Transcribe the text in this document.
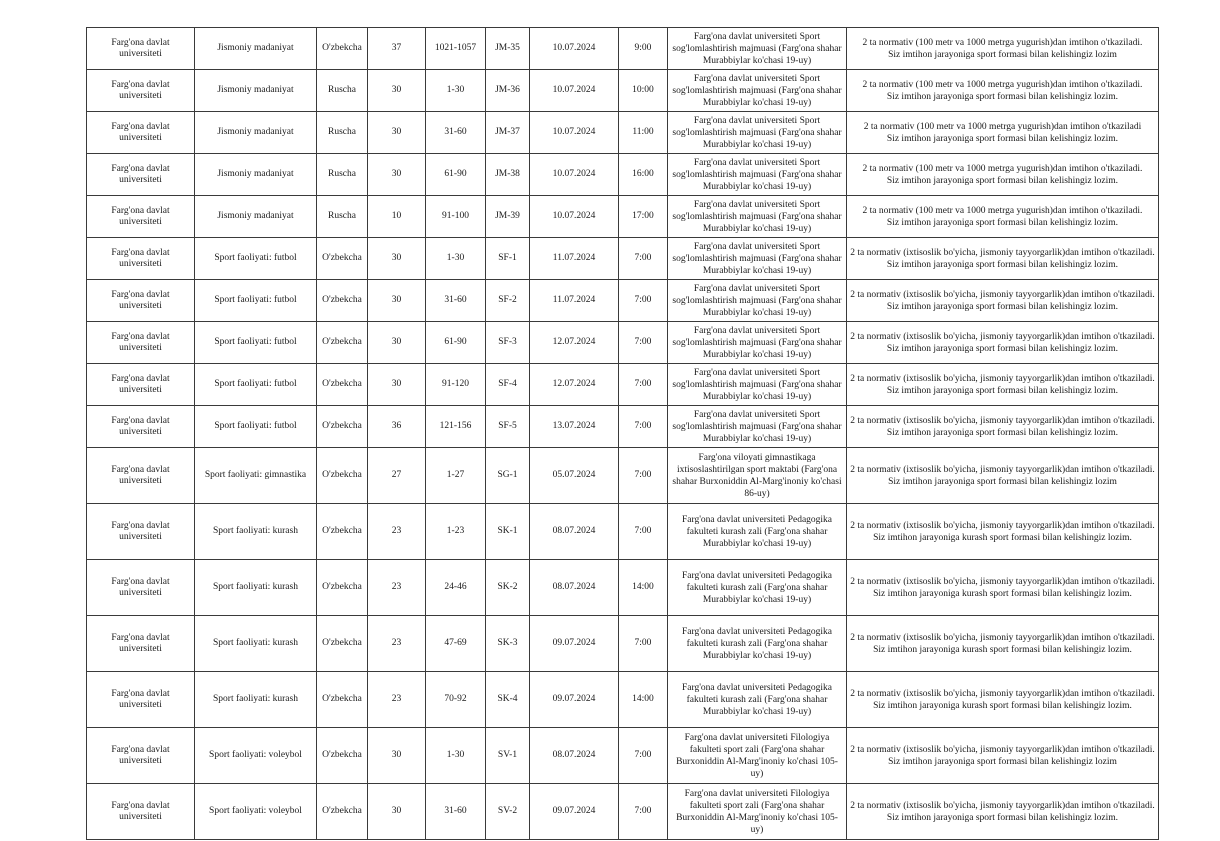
Farg'ona davlat universiteti	Jismoniy madaniyat	O'zbekcha	37	1021-1057	JM-35	10.07.2024	9:00	Farg'ona davlat universiteti Sport sog'lomlashtirish majmuasi (Farg'ona shahar Murabbiylar ko'chasi 19-uy)	2 ta normativ (100 metr va 1000 metrga yugurish)dan imtihon o'tkaziladi.
Siz imtihon jarayoniga sport formasi bilan kelishingiz lozim

Farg'ona davlat universiteti	Jismoniy madaniyat	Ruscha	30	1-30	JM-36	10.07.2024	10:00	Farg'ona davlat universiteti Sport sog'lomlashtirish majmuasi (Farg'ona shahar Murabbiylar ko'chasi 19-uy)	2 ta normativ (100 metr va 1000 metrga yugurish)dan imtihon o'tkaziladi.
Siz imtihon jarayoniga sport formasi bilan kelishingiz lozim.

Farg'ona davlat universiteti	Jismoniy madaniyat	Ruscha	30	31-60	JM-37	10.07.2024	11:00	Farg'ona davlat universiteti Sport sog'lomlashtirish majmuasi (Farg'ona shahar Murabbiylar ko'chasi 19-uy)	2 ta normativ (100 metr va 1000 metrga yugurish)dan imtihon o'tkaziladi
Siz imtihon jarayoniga sport formasi bilan kelishingiz lozim.

Farg'ona davlat universiteti	Jismoniy madaniyat	Ruscha	30	61-90	JM-38	10.07.2024	16:00	Farg'ona davlat universiteti Sport sog'lomlashtirish majmuasi (Farg'ona shahar Murabbiylar ko'chasi 19-uy)	2 ta normativ (100 metr va 1000 metrga yugurish)dan imtihon o'tkaziladi.
Siz imtihon jarayoniga sport formasi bilan kelishingiz lozim.

Farg'ona davlat universiteti	Jismoniy madaniyat	Ruscha	10	91-100	JM-39	10.07.2024	17:00	Farg'ona davlat universiteti Sport sog'lomlashtirish majmuasi (Farg'ona shahar Murabbiylar ko'chasi 19-uy)	2 ta normativ (100 metr va 1000 metrga yugurish)dan imtihon o'tkaziladi.
Siz imtihon jarayoniga sport formasi bilan kelishingiz lozim.

Farg'ona davlat universiteti	Sport faoliyati: futbol	O'zbekcha	30	1-30	SF-1	11.07.2024	7:00	Farg'ona davlat universiteti Sport sog'lomlashtirish majmuasi (Farg'ona shahar Murabbiylar ko'chasi 19-uy)	2 ta normativ (ixtisoslik bo'yicha, jismoniy tayyorgarlik)dan imtihon o'tkaziladi.
Siz imtihon jarayoniga sport formasi bilan kelishingiz lozim.

Farg'ona davlat universiteti	Sport faoliyati: futbol	O'zbekcha	30	31-60	SF-2	11.07.2024	7:00	Farg'ona davlat universiteti Sport sog'lomlashtirish majmuasi (Farg'ona shahar Murabbiylar ko'chasi 19-uy)	2 ta normativ (ixtisoslik bo'yicha, jismoniy tayyorgarlik)dan imtihon o'tkaziladi.
Siz imtihon jarayoniga sport formasi bilan kelishingiz lozim.

Farg'ona davlat universiteti	Sport faoliyati: futbol	O'zbekcha	30	61-90	SF-3	12.07.2024	7:00	Farg'ona davlat universiteti Sport sog'lomlashtirish majmuasi (Farg'ona shahar Murabbiylar ko'chasi 19-uy)	2 ta normativ (ixtisoslik bo'yicha, jismoniy tayyorgarlik)dan imtihon o'tkaziladi.
Siz imtihon jarayoniga sport formasi bilan kelishingiz lozim.

Farg'ona davlat universiteti	Sport faoliyati: futbol	O'zbekcha	30	91-120	SF-4	12.07.2024	7:00	Farg'ona davlat universiteti Sport sog'lomlashtirish majmuasi (Farg'ona shahar Murabbiylar ko'chasi 19-uy)	2 ta normativ (ixtisoslik bo'yicha, jismoniy tayyorgarlik)dan imtihon o'tkaziladi.
Siz imtihon jarayoniga sport formasi bilan kelishingiz lozim.

Farg'ona davlat universiteti	Sport faoliyati: futbol	O'zbekcha	36	121-156	SF-5	13.07.2024	7:00	Farg'ona davlat universiteti Sport sog'lomlashtirish majmuasi (Farg'ona shahar Murabbiylar ko'chasi 19-uy)	2 ta normativ (ixtisoslik bo'yicha, jismoniy tayyorgarlik)dan imtihon o'tkaziladi.
Siz imtihon jarayoniga sport formasi bilan kelishingiz lozim.

Farg'ona davlat universiteti	Sport faoliyati: gimnastika	O'zbekcha	27	1-27	SG-1	05.07.2024	7:00	Farg'ona viloyati gimnastikaga ixtisoslashtirilgan sport maktabi (Farg'ona shahar Burxoniddin Al-Marg'inoniy ko'chasi 86-uy)	2 ta normativ (ixtisoslik bo'yicha, jismoniy tayyorgarlik)dan imtihon o'tkaziladi.
Siz imtihon jarayoniga sport formasi bilan kelishingiz lozim

Farg'ona davlat universiteti	Sport faoliyati: kurash	O'zbekcha	23	1-23	SK-1	08.07.2024	7:00	Farg'ona davlat universiteti Pedagogika fakulteti kurash zali (Farg'ona shahar Murabbiylar ko'chasi 19-uy)	2 ta normativ (ixtisoslik bo'yicha, jismoniy tayyorgarlik)dan imtihon o'tkaziladi.
Siz imtihon jarayoniga kurash sport formasi bilan kelishingiz lozim.

Farg'ona davlat universiteti	Sport faoliyati: kurash	O'zbekcha	23	24-46	SK-2	08.07.2024	14:00	Farg'ona davlat universiteti Pedagogika fakulteti kurash zali (Farg'ona shahar Murabbiylar ko'chasi 19-uy)	2 ta normativ (ixtisoslik bo'yicha, jismoniy tayyorgarlik)dan imtihon o'tkaziladi.
Siz imtihon jarayoniga kurash sport formasi bilan kelishingiz lozim.

Farg'ona davlat universiteti	Sport faoliyati: kurash	O'zbekcha	23	47-69	SK-3	09.07.2024	7:00	Farg'ona davlat universiteti Pedagogika fakulteti kurash zali (Farg'ona shahar Murabbiylar ko'chasi 19-uy)	2 ta normativ (ixtisoslik bo'yicha, jismoniy tayyorgarlik)dan imtihon o'tkaziladi.
Siz imtihon jarayoniga kurash sport formasi bilan kelishingiz lozim.

Farg'ona davlat universiteti	Sport faoliyati: kurash	O'zbekcha	23	70-92	SK-4	09.07.2024	14:00	Farg'ona davlat universiteti Pedagogika fakulteti kurash zali (Farg'ona shahar Murabbiylar ko'chasi 19-uy)	2 ta normativ (ixtisoslik bo'yicha, jismoniy tayyorgarlik)dan imtihon o'tkaziladi.
Siz imtihon jarayoniga kurash sport formasi bilan kelishingiz lozim.

Farg'ona davlat universiteti	Sport faoliyati: voleybol	O'zbekcha	30	1-30	SV-1	08.07.2024	7:00	Farg'ona davlat universiteti Filologiya fakulteti sport zali (Farg'ona shahar Burxoniddin Al-Marg'inoniy ko'chasi 105-uy)	2 ta normativ (ixtisoslik bo'yicha, jismoniy tayyorgarlik)dan imtihon o'tkaziladi.
Siz imtihon jarayoniga sport formasi bilan kelishingiz lozim

Farg'ona davlat universiteti	Sport faoliyati: voleybol	O'zbekcha	30	31-60	SV-2	09.07.2024	7:00	Farg'ona davlat universiteti Filologiya fakulteti sport zali (Farg'ona shahar Burxoniddin Al-Marg'inoniy ko'chasi 105-uy)	2 ta normativ (ixtisoslik bo'yicha, jismoniy tayyorgarlik)dan imtihon o'tkaziladi.
Siz imtihon jarayoniga sport formasi bilan kelishingiz lozim.
